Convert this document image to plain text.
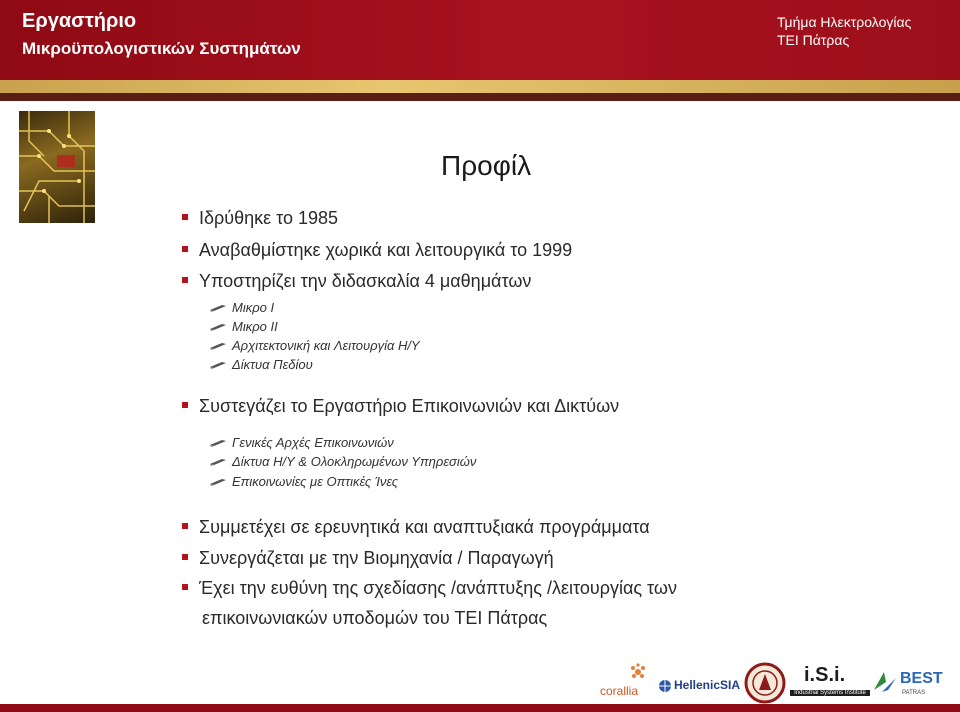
Εργαστήριο
Μικροϋπολογιστικών Συστημάτων
Τμήμα Ηλεκτρολογίας
ΤΕΙ Πάτρας
Προφίλ
Ιδρύθηκε το 1985
Αναβαθμίστηκε χωρικά και λειτουργικά το 1999
Υποστηρίζει την διδασκαλία 4 μαθημάτων
Μικρο Ι
Μικρο ΙΙ
Αρχιτεκτονική και Λειτουργία Η/Υ
Δίκτυα Πεδίου
Συστεγάζει το Εργαστήριο Επικοινωνιών και Δικτύων
Γενικές Αρχές Επικοινωνιών
Δίκτυα Η/Υ & Ολοκληρωμένων Υπηρεσιών
Επικοινωνίες με Οπτικές Ίνες
Συμμετέχει σε ερευνητικά και αναπτυξιακά προγράμματα
Συνεργάζεται με την Βιομηχανία / Παραγωγή
Έχει την ευθύνη της σχεδίασης /ανάπτυξης /λειτουργίας των
επικοινωνιακών υποδομών του ΤΕΙ Πάτρας
corallia	HellenicSIA	i.S.i.
Industrial Systems Institute
BEST
PATRAS
